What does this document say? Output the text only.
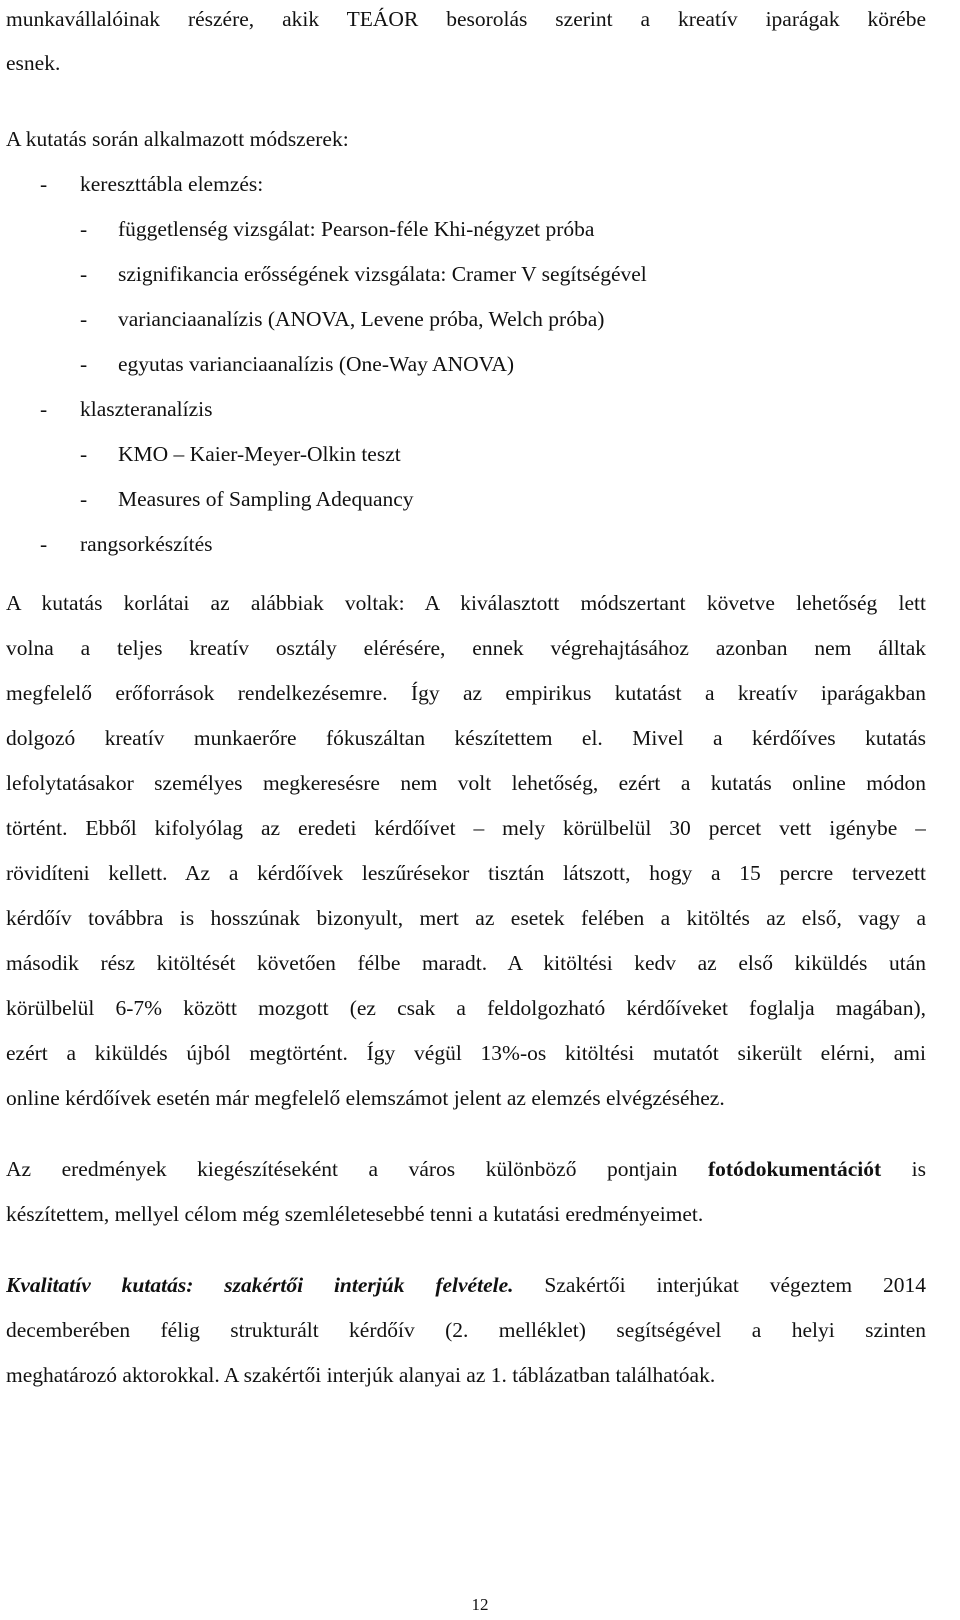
munkavállalóinak részére, akik TEÁOR besorolás szerint a kreatív iparágak körébe
esnek.
A kutatás során alkalmazott módszerek:
- kereszttábla elemzés:
- függetlenség vizsgálat: Pearson-féle Khi-négyzet próba
- szignifikancia erősségének vizsgálata: Cramer V segítségével
- varianciaanalízis (ANOVA, Levene próba, Welch próba)
- egyutas varianciaanalízis (One-Way ANOVA)
- klaszteranalízis
- KMO – Kaier-Meyer-Olkin teszt
- Measures of Sampling Adequancy
- rangsorkészítés
A kutatás korlátai az alábbiak voltak: A kiválasztott módszertant követve lehetőség lett
volna a teljes kreatív osztály elérésére, ennek végrehajtásához azonban nem álltak
megfelelő erőforrások rendelkezésemre. Így az empirikus kutatást a kreatív iparágakban
dolgozó kreatív munkaerőre fókuszáltan készítettem el. Mivel a kérdőíves kutatás
lefolytatásakor személyes megkeresésre nem volt lehetőség, ezért a kutatás online módon
történt. Ebből kifolyólag az eredeti kérdőívet – mely körülbelül 30 percet vett igénybe –
rövidíteni kellett. Az a kérdőívek leszűrésekor tisztán látszott, hogy a 15 percre tervezett
kérdőív továbbra is hosszúnak bizonyult, mert az esetek felében a kitöltés az első, vagy a
második rész kitöltését követően félbe maradt. A kitöltési kedv az első kiküldés után
körülbelül 6-7% között mozgott (ez csak a feldolgozható kérdőíveket foglalja magában),
ezért a kiküldés újból megtörtént. Így végül 13%-os kitöltési mutatót sikerült elérni, ami
online kérdőívek esetén már megfelelő elemszámot jelent az elemzés elvégzéséhez.
Az eredmények kiegészítéseként a város különböző pontjain fotódokumentációt is
készítettem, mellyel célom még szemléletesebbé tenni a kutatási eredményeimet.
Kvalitatív kutatás: szakértői interjúk felvétele. Szakértői interjúkat végeztem 2014
decemberében félig strukturált kérdőív (2. melléklet) segítségével a helyi szinten
meghatározó aktorokkal. A szakértői interjúk alanyai az 1. táblázatban találhatóak.
12
